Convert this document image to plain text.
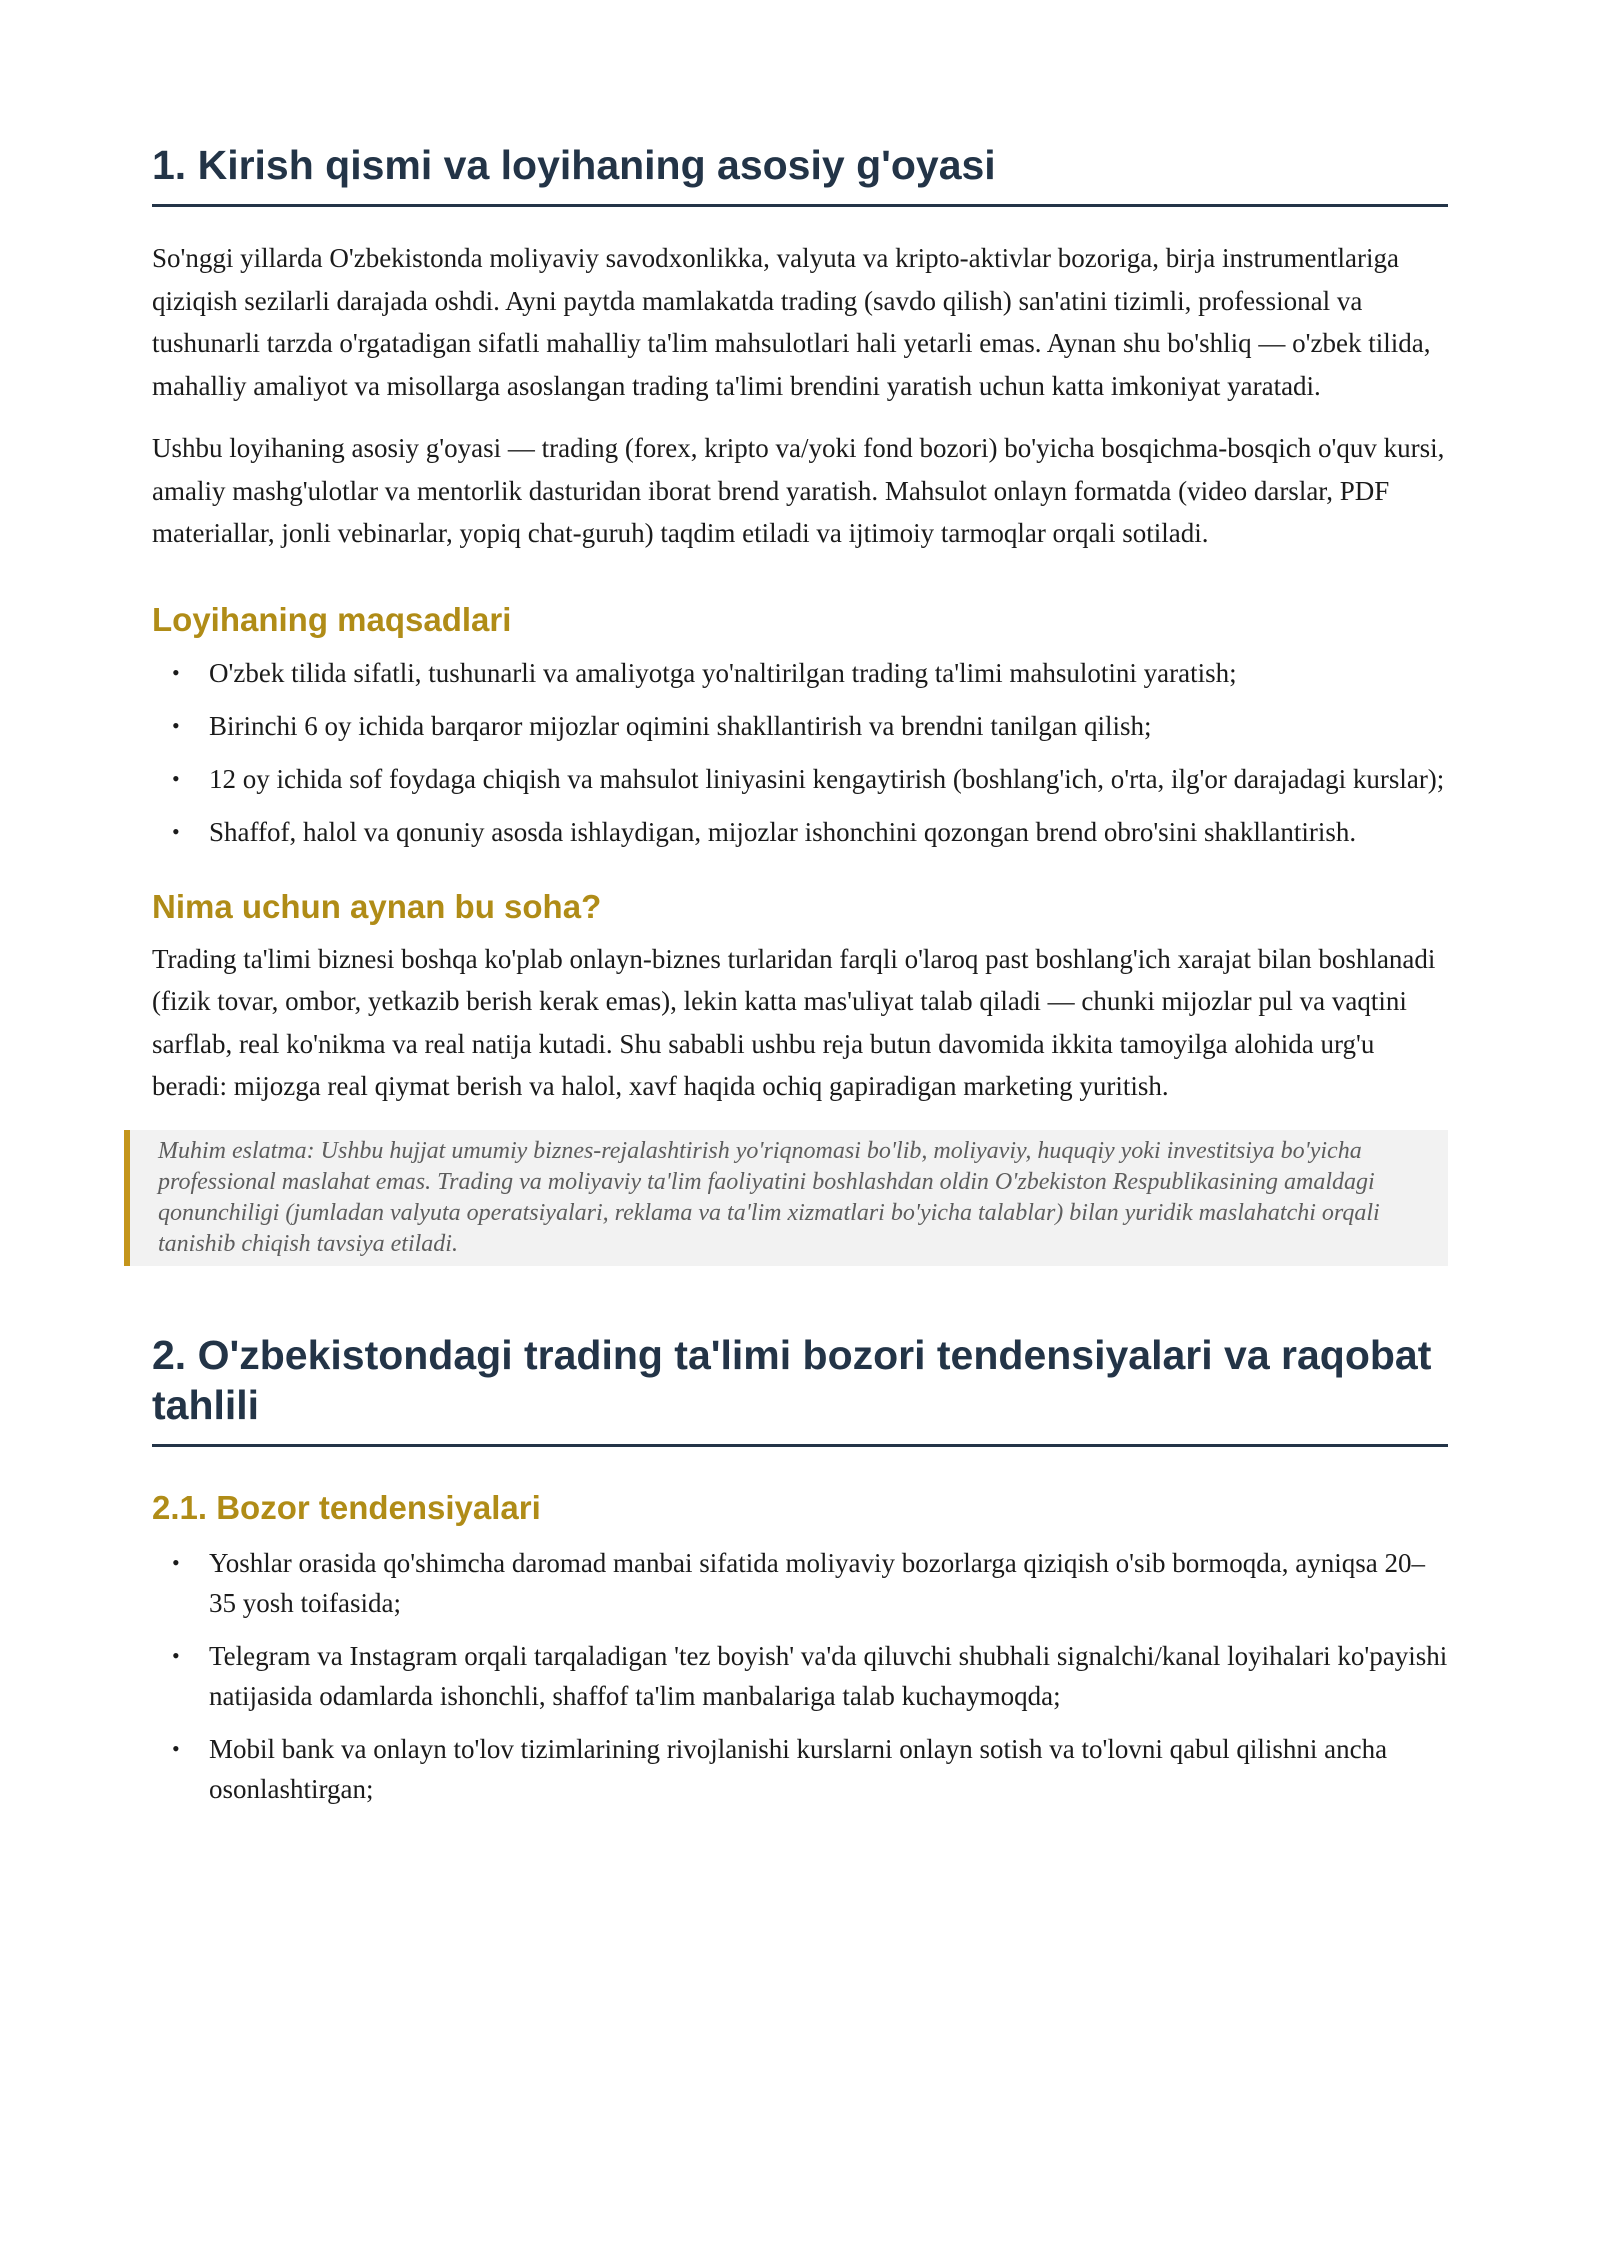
1. Kirish qismi va loyihaning asosiy g'oyasi

So'nggi yillarda O'zbekistonda moliyaviy savodxonlikka, valyuta va kripto-aktivlar bozoriga, birja instrumentlariga qiziqish sezilarli darajada oshdi. Ayni paytda mamlakatda trading (savdo qilish) san'atini tizimli, professional va tushunarli tarzda o'rgatadigan sifatli mahalliy ta'lim mahsulotlari hali yetarli emas. Aynan shu bo'shliq — o'zbek tilida, mahalliy amaliyot va misollarga asoslangan trading ta'limi brendini yaratish uchun katta imkoniyat yaratadi.

Ushbu loyihaning asosiy g'oyasi — trading (forex, kripto va/yoki fond bozori) bo'yicha bosqichma-bosqich o'quv kursi, amaliy mashg'ulotlar va mentorlik dasturidan iborat brend yaratish. Mahsulot onlayn formatda (video darslar, PDF materiallar, jonli vebinarlar, yopiq chat-guruh) taqdim etiladi va ijtimoiy tarmoqlar orqali sotiladi.

Loyihaning maqsadlari
• O'zbek tilida sifatli, tushunarli va amaliyotga yo'naltirilgan trading ta'limi mahsulotini yaratish;
• Birinchi 6 oy ichida barqaror mijozlar oqimini shakllantirish va brendni tanilgan qilish;
• 12 oy ichida sof foydaga chiqish va mahsulot liniyasini kengaytirish (boshlang'ich, o'rta, ilg'or darajadagi kurslar);
• Shaffof, halol va qonuniy asosda ishlaydigan, mijozlar ishonchini qozongan brend obro'sini shakllantirish.
Nima uchun aynan bu soha?

Trading ta'limi biznesi boshqa ko'plab onlayn-biznes turlaridan farqli o'laroq past boshlang'ich xarajat bilan boshlanadi (fizik tovar, ombor, yetkazib berish kerak emas), lekin katta mas'uliyat talab qiladi — chunki mijozlar pul va vaqtini sarflab, real ko'nikma va real natija kutadi. Shu sababli ushbu reja butun davomida ikkita tamoyilga alohida urg'u beradi: mijozga real qiymat berish va halol, xavf haqida ochiq gapiradigan marketing yuritish.

Muhim eslatma: Ushbu hujjat umumiy biznes-rejalashtirish yo'riqnomasi bo'lib, moliyaviy, huquqiy yoki investitsiya bo'yicha professional maslahat emas. Trading va moliyaviy ta'lim faoliyatini boshlashdan oldin O'zbekiston Respublikasining amaldagi qonunchiligi (jumladan valyuta operatsiyalari, reklama va ta'lim xizmatlari bo'yicha talablar) bilan yuridik maslahatchi orqali tanishib chiqish tavsiya etiladi.

2. O'zbekistondagi trading ta'limi bozori tendensiyalari va raqobat tahlili
2.1. Bozor tendensiyalari
• Yoshlar orasida qo'shimcha daromad manbai sifatida moliyaviy bozorlarga qiziqish o'sib bormoqda, ayniqsa 20–35 yosh toifasida;
• Telegram va Instagram orqali tarqaladigan 'tez boyish' va'da qiluvchi shubhali signalchi/kanal loyihalari ko'payishi natijasida odamlarda ishonchli, shaffof ta'lim manbalariga talab kuchaymoqda;
• Mobil bank va onlayn to'lov tizimlarining rivojlanishi kurslarni onlayn sotish va to'lovni qabul qilishni ancha osonlashtirgan;
